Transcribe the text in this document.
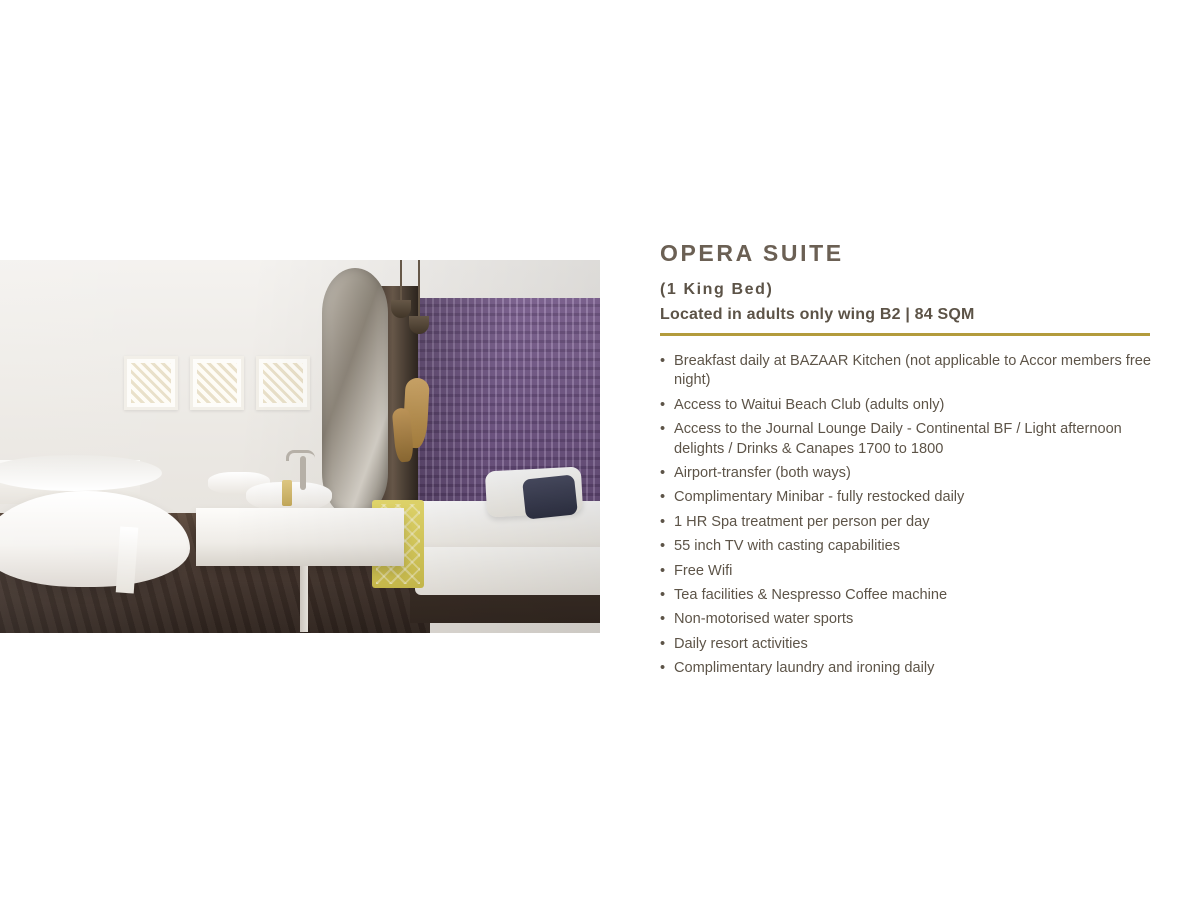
OPERA SUITE
(1 King Bed)
Located in adults only wing B2 | 84 SQM
• Breakfast daily at BAZAAR Kitchen (not applicable to Accor members free night)
• Access to Waitui Beach Club (adults only)
• Access to the Journal Lounge Daily - Continental BF / Light afternoon delights / Drinks & Canapes 1700 to 1800
• Airport-transfer (both ways)
• Complimentary Minibar - fully restocked daily
• 1 HR Spa treatment per person per day
• 55 inch TV with casting capabilities
• Free Wifi
• Tea facilities & Nespresso Coffee machine
• Non-motorised water sports
• Daily resort activities
• Complimentary laundry and ironing daily
